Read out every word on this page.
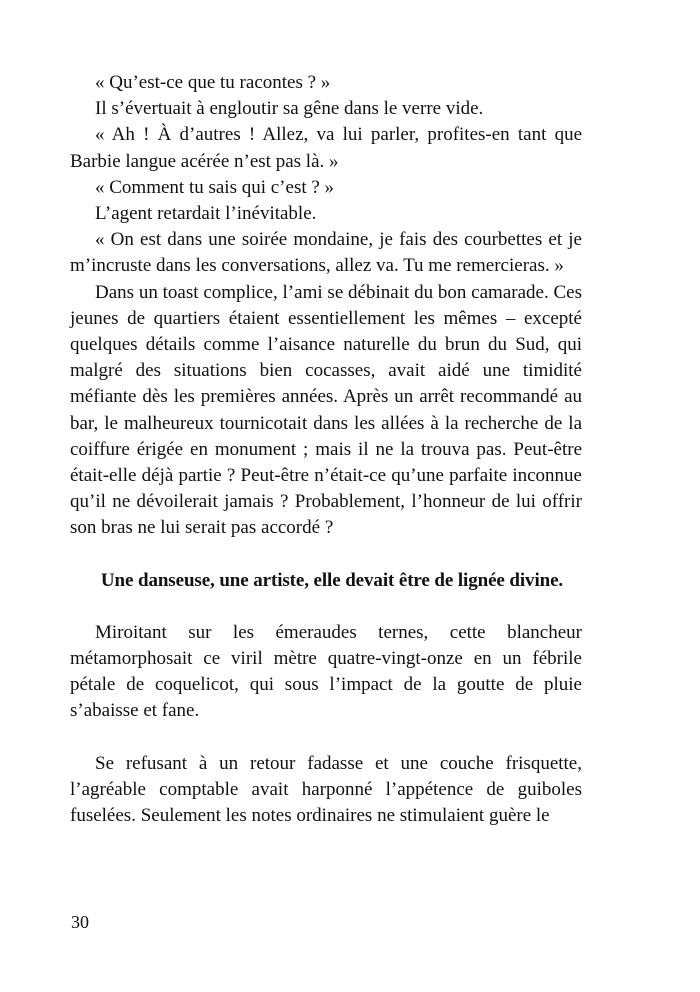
« Qu’est-ce que tu racontes ? »

Il s’évertuait à engloutir sa gêne dans le verre vide.

« Ah ! À d’autres ! Allez, va lui parler, profites-en tant que Barbie langue acérée n’est pas là. »

« Comment tu sais qui c’est ? »

L’agent retardait l’inévitable.

« On est dans une soirée mondaine, je fais des courbettes et je m’incruste dans les conversations, allez va. Tu me remercieras. »

Dans un toast complice, l’ami se débinait du bon camarade. Ces jeunes de quartiers étaient essentiellement les mêmes – excepté quelques détails comme l’aisance naturelle du brun du Sud, qui malgré des situations bien cocasses, avait aidé une timidité méfiante dès les premières années. Après un arrêt recommandé au bar, le malheureux tournicotait dans les allées à la recherche de la coiffure érigée en monument ; mais il ne la trouva pas. Peut-être était-elle déjà partie ? Peut-être n’était-ce qu’une parfaite inconnue qu’il ne dévoilerait jamais ? Probablement, l’honneur de lui offrir son bras ne lui serait pas accordé ?

Une danseuse, une artiste, elle devait être de lignée divine.

Miroitant sur les émeraudes ternes, cette blancheur métamorphosait ce viril mètre quatre-vingt-onze en un fébrile pétale de coquelicot, qui sous l’impact de la goutte de pluie s’abaisse et fane.

Se refusant à un retour fadasse et une couche frisquette, l’agréable comptable avait harponné l’appétence de guiboles fuselées. Seulement les notes ordinaires ne stimulaient guère le

30
